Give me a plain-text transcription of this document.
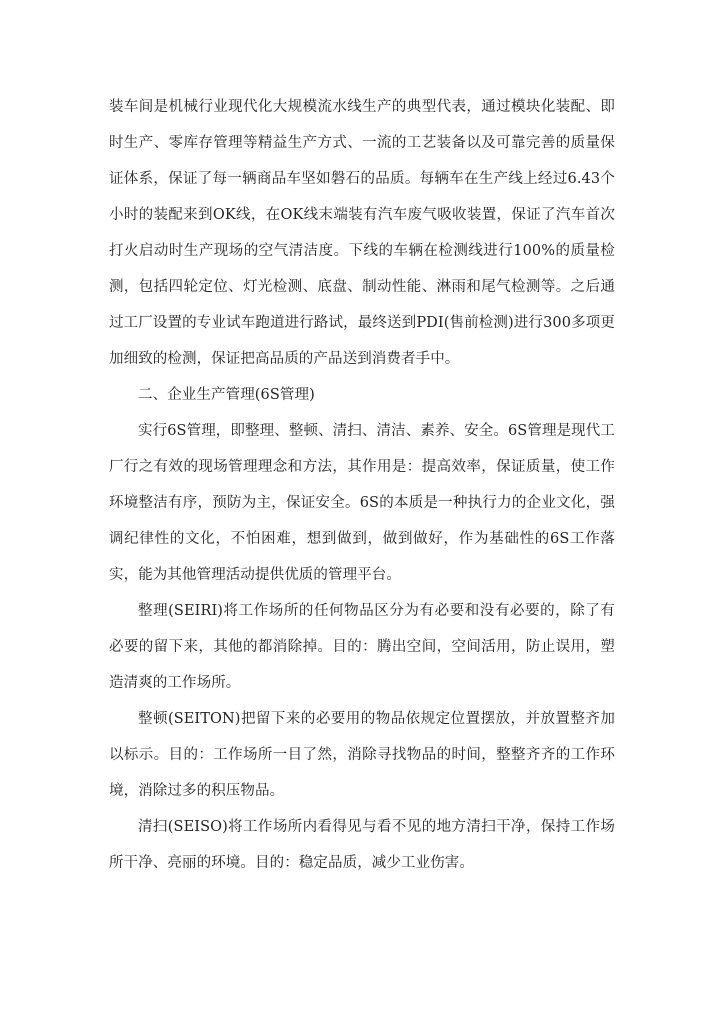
装车间是机械行业现代化大规模流水线生产的典型代表，通过模块化装配、即时生产、零库存管理等精益生产方式、一流的工艺装备以及可靠完善的质量保证体系，保证了每一辆商品车坚如磐石的品质。每辆车在生产线上经过6.43个小时的装配来到OK线，在OK线末端装有汽车废气吸收装置，保证了汽车首次打火启动时生产现场的空气清洁度。下线的车辆在检测线进行100%的质量检测，包括四轮定位、灯光检测、底盘、制动性能、淋雨和尾气检测等。之后通过工厂设置的专业试车跑道进行路试，最终送到PDI(售前检测)进行300多项更加细致的检测，保证把高品质的产品送到消费者手中。

二、企业生产管理(6S管理)

实行6S管理，即整理、整顿、清扫、清洁、素养、安全。6S管理是现代工厂行之有效的现场管理理念和方法，其作用是：提高效率，保证质量，使工作环境整洁有序，预防为主，保证安全。6S的本质是一种执行力的企业文化，强调纪律性的文化，不怕困难，想到做到，做到做好，作为基础性的6S工作落实，能为其他管理活动提供优质的管理平台。

整理(SEIRI)将工作场所的任何物品区分为有必要和没有必要的，除了有必要的留下来，其他的都消除掉。目的：腾出空间，空间活用，防止误用，塑造清爽的工作场所。

整顿(SEITON)把留下来的必要用的物品依规定位置摆放，并放置整齐加以标示。目的：工作场所一目了然，消除寻找物品的时间，整整齐齐的工作环境，消除过多的积压物品。

清扫(SEISO)将工作场所内看得见与看不见的地方清扫干净，保持工作场所干净、亮丽的环境。目的：稳定品质，减少工业伤害。
